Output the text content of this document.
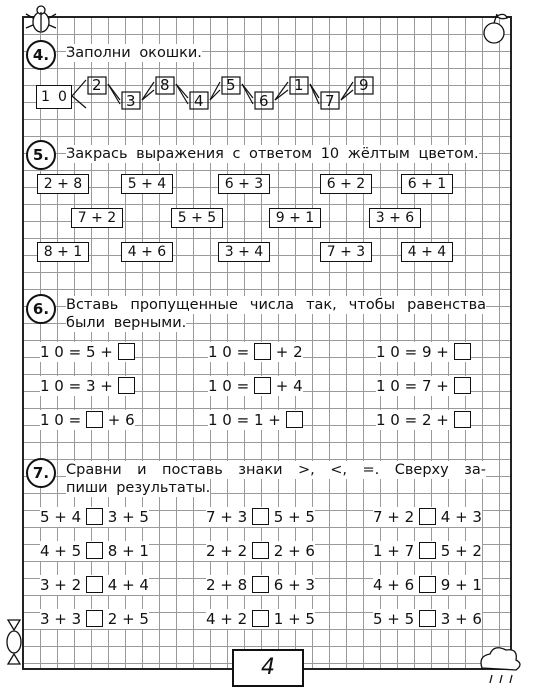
4.	Заполни окошки.
1 0
2
3
8
4
5
6
1
7
9
5.	Закрась выражения с ответом 10 жёлтым цветом.
2 + 8	5 + 4	6 + 3	6 + 2	6 + 1
7 + 2	5 + 5	9 + 1	3 + 6
8 + 1	4 + 6	3 + 4	7 + 3	4 + 4
6.	Вставь пропущенные числа так, чтобы равенства
были верными.
1 0 = 5 +	1 0 =  + 2	1 0 = 9 +
1 0 = 3 +	1 0 =  + 4	1 0 = 7 +
1 0 =  + 6	1 0 = 1 +	1 0 = 2 +
7.	Сравни и поставь знаки >, <, =. Сверху за-
пиши результаты.
5 + 4 3 + 5	7 + 3 5 + 5	7 + 2 4 + 3
4 + 5 8 + 1	2 + 2 2 + 6	1 + 7 5 + 2
3 + 2 4 + 4	2 + 8 6 + 3	4 + 6 9 + 1
3 + 3 2 + 5	4 + 2 1 + 5	5 + 5 3 + 6
4
